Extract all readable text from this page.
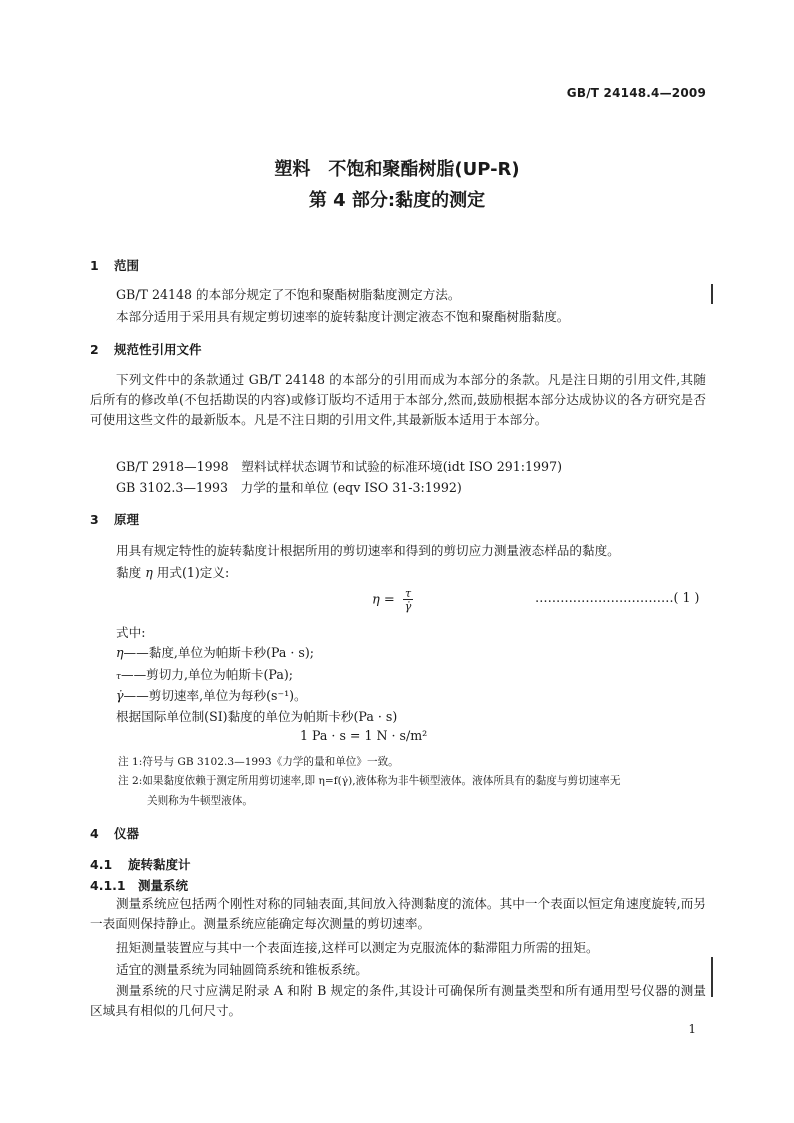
GB/T 24148.4—2009
塑料　不饱和聚酯树脂(UP-R)
第 4 部分:黏度的测定
1 范围
GB/T 24148 的本部分规定了不饱和聚酯树脂黏度测定方法。
本部分适用于采用具有规定剪切速率的旋转黏度计测定液态不饱和聚酯树脂黏度。
2 规范性引用文件
下列文件中的条款通过 GB/T 24148 的本部分的引用而成为本部分的条款。凡是注日期的引用文件,其随后所有的修改单(不包括勘误的内容)或修订版均不适用于本部分,然而,鼓励根据本部分达成协议的各方研究是否可使用这些文件的最新版本。凡是不注日期的引用文件,其最新版本适用于本部分。
GB/T 2918—1998　塑料试样状态调节和试验的标准环境(idt ISO 291:1997)
GB 3102.3—1993　力学的量和单位 (eqv ISO 31-3:1992)
3 原理
用具有规定特性的旋转黏度计根据所用的剪切速率和得到的剪切应力测量液态样品的黏度。
黏度 η 用式(1)定义:
$\eta = \frac{\tau}{\gammȧ}$	……………………………( 1 )
式中:
η——黏度,单位为帕斯卡秒(Pa · s);
τ——剪切力,单位为帕斯卡(Pa);
γ̇——剪切速率,单位为每秒(s⁻¹)。
根据国际单位制(SI)黏度的单位为帕斯卡秒(Pa · s)
1 Pa · s = 1 N · s/m²
注 1:符号与 GB 3102.3—1993《力学的量和单位》一致。
注 2:如果黏度依赖于测定所用剪切速率,即 η=f(γ̇),液体称为非牛顿型液体。液体所具有的黏度与剪切速率无
关则称为牛顿型液体。
4 仪器
4.1 旋转黏度计
4.1.1 测量系统
测量系统应包括两个刚性对称的同轴表面,其间放入待测黏度的流体。其中一个表面以恒定角速度旋转,而另一表面则保持静止。测量系统应能确定每次测量的剪切速率。
扭矩测量装置应与其中一个表面连接,这样可以测定为克服流体的黏滞阻力所需的扭矩。
适宜的测量系统为同轴圆筒系统和锥板系统。
测量系统的尺寸应满足附录 A 和附 B 规定的条件,其设计可确保所有测量类型和所有通用型号仪器的测量区域具有相似的几何尺寸。
1
